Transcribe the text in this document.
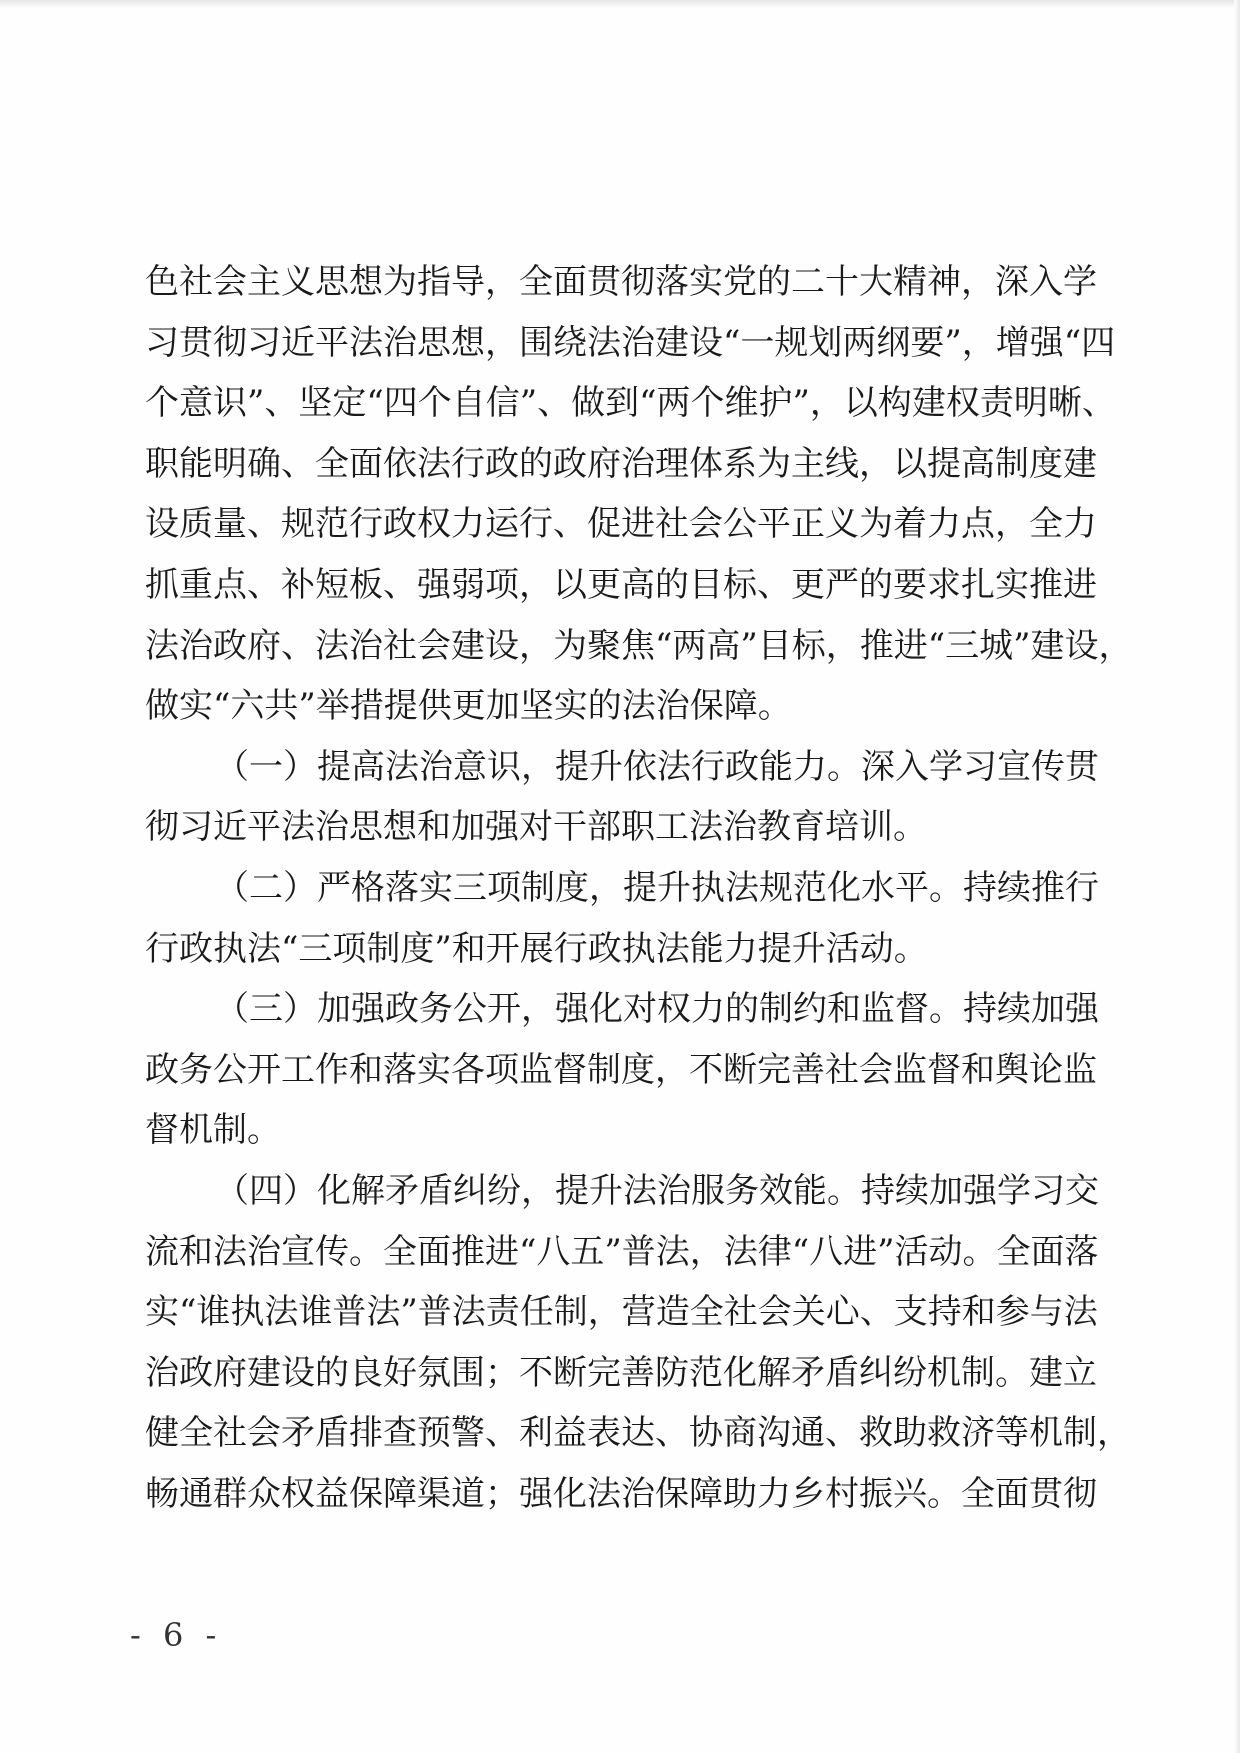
色社会主义思想为指导，全面贯彻落实党的二十大精神，深入学
习贯彻习近平法治思想，围绕法治建设“一规划两纲要”，增强“四
个意识”、坚定“四个自信”、做到“两个维护”，以构建权责明晰、
职能明确、全面依法行政的政府治理体系为主线，以提高制度建
设质量、规范行政权力运行、促进社会公平正义为着力点，全力
抓重点、补短板、强弱项，以更高的目标、更严的要求扎实推进
法治政府、法治社会建设，为聚焦“两高”目标，推进“三城”建设，
做实“六共”举措提供更加坚实的法治保障。
（一）提高法治意识，提升依法行政能力。深入学习宣传贯
彻习近平法治思想和加强对干部职工法治教育培训。
（二）严格落实三项制度，提升执法规范化水平。持续推行
行政执法“三项制度”和开展行政执法能力提升活动。
（三）加强政务公开，强化对权力的制约和监督。持续加强
政务公开工作和落实各项监督制度，不断完善社会监督和舆论监
督机制。
（四）化解矛盾纠纷，提升法治服务效能。持续加强学习交
流和法治宣传。全面推进“八五”普法，法律“八进”活动。全面落
实“谁执法谁普法”普法责任制，营造全社会关心、支持和参与法
治政府建设的良好氛围；不断完善防范化解矛盾纠纷机制。建立
健全社会矛盾排查预警、利益表达、协商沟通、救助救济等机制，
畅通群众权益保障渠道；强化法治保障助力乡村振兴。全面贯彻
- 6 -
